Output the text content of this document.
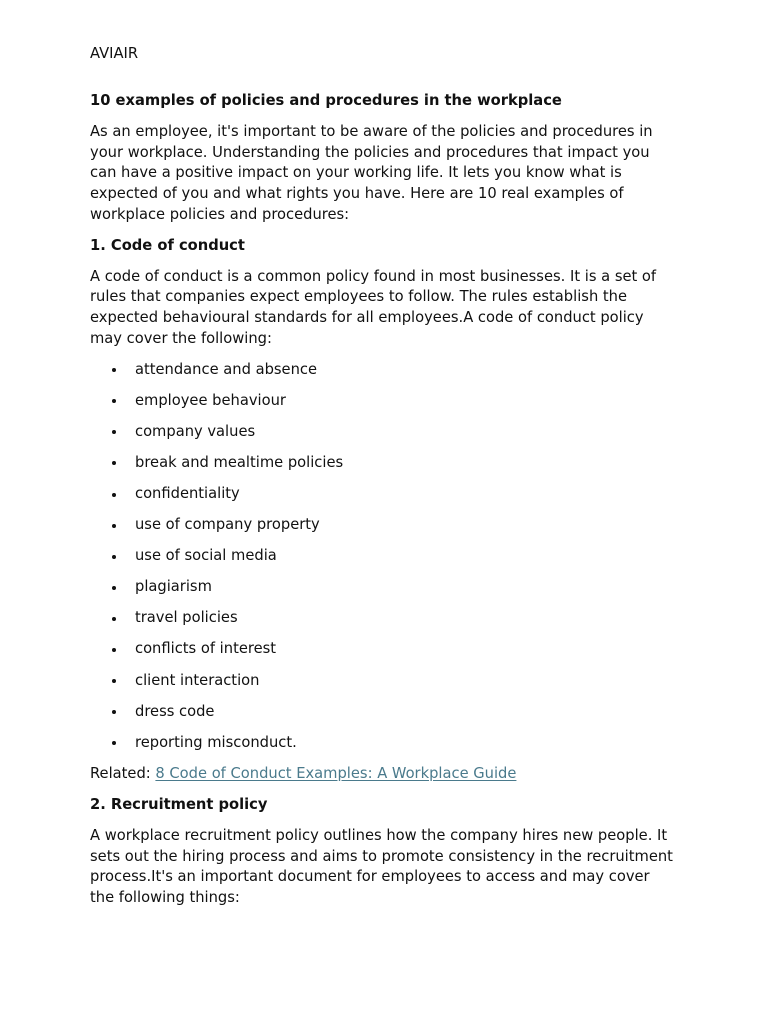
AVIAIR
10 examples of policies and procedures in the workplace

As an employee, it's important to be aware of the policies and procedures in your workplace. Understanding the policies and procedures that impact you can have a positive impact on your working life. It lets you know what is expected of you and what rights you have. Here are 10 real examples of workplace policies and procedures:

1. Code of conduct

A code of conduct is a common policy found in most businesses. It is a set of rules that companies expect employees to follow. The rules establish the expected behavioural standards for all employees.A code of conduct policy may cover the following:

attendance and absence
employee behaviour
company values
break and mealtime policies
confidentiality
use of company property
use of social media
plagiarism
travel policies
conflicts of interest
client interaction
dress code
reporting misconduct.

Related: 8 Code of Conduct Examples: A Workplace Guide

2. Recruitment policy

A workplace recruitment policy outlines how the company hires new people. It sets out the hiring process and aims to promote consistency in the recruitment process.It's an important document for employees to access and may cover the following things:
